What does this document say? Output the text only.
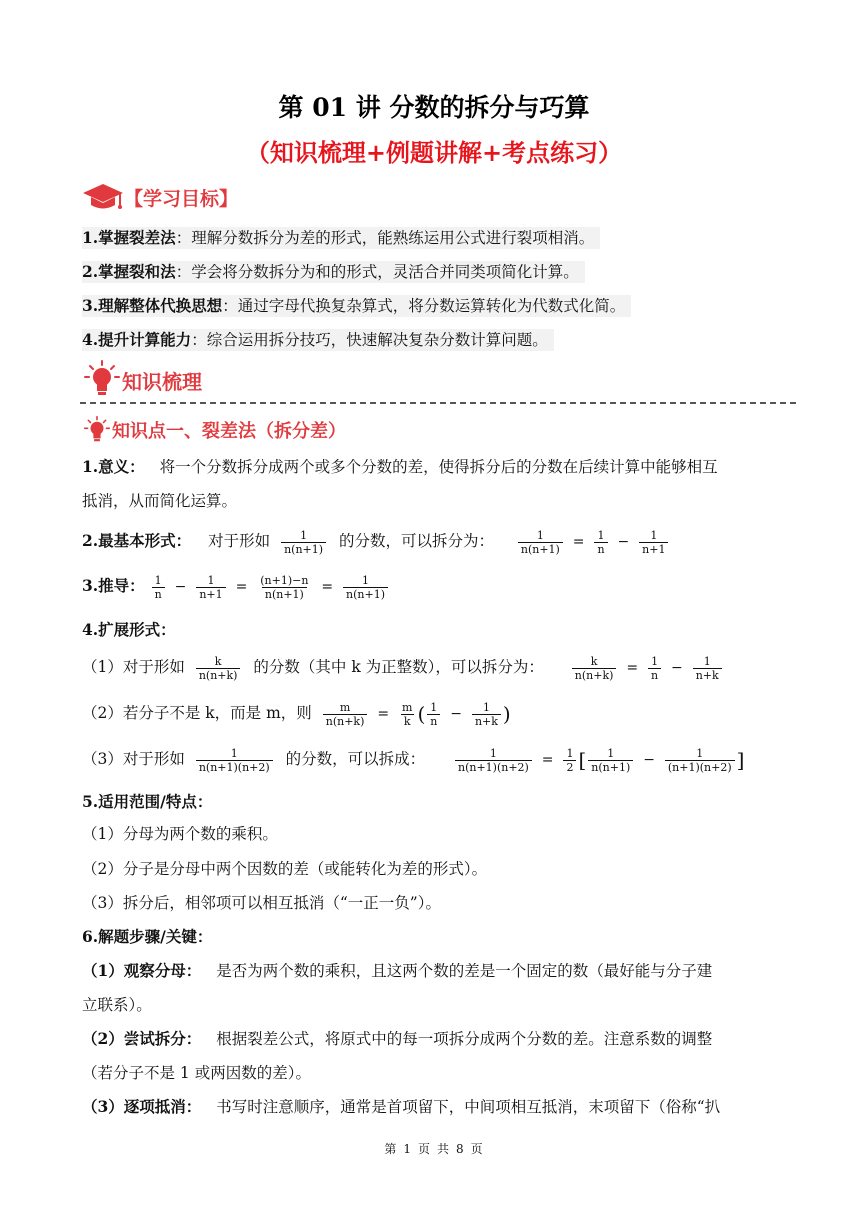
第 01 讲 分数的拆分与巧算
（知识梳理+例题讲解+考点练习）
【学习目标】
1.掌握裂差法：理解分数拆分为差的形式，能熟练运用公式进行裂项相消。
2.掌握裂和法：学会将分数拆分为和的形式，灵活合并同类项简化计算。
3.理解整体代换思想：通过字母代换复杂算式，将分数运算转化为代数式化简。
4.提升计算能力：综合运用拆分技巧，快速解决复杂分数计算问题。
知识梳理
知识点一、裂差法（拆分差）
1.意义： 将一个分数拆分成两个或多个分数的差，使得拆分后的分数在后续计算中能够相互
抵消，从而简化运算。
2.最基本形式： 对于形如 $\frac{1}{n(n+1)}$ 的分数，可以拆分为： $\frac{1}{n(n+1)} = \frac{1}{n} - \frac{1}{n+1}$
3.推导： $\frac{1}{n} - \frac{1}{n+1} = \frac{(n+1)-n}{n(n+1)} = \frac{1}{n(n+1)}$
4.扩展形式：
（1）对于形如 $\frac{k}{n(n+k)}$ 的分数（其中 k 为正整数），可以拆分为：	$\frac{k}{n(n+k)} = \frac{1}{n} - \frac{1}{n+k}$
（2）若分子不是 k，而是 m，则 $\frac{m}{n(n+k)} = \frac{m}{k}$ ( $\frac{1}{n} - \frac{1}{n+k}$ )
（3）对于形如 $\frac{1}{n(n+1)(n+2)}$ 的分数，可以拆成：	$\frac{1}{n(n+1)(n+2)} = \frac{1}{2}$ [ $\frac{1}{n(n+1)} - \frac{1}{(n+1)(n+2)}$ ]
5.适用范围/特点：
（1）分母为两个数的乘积。
（2）分子是分母中两个因数的差（或能转化为差的形式）。
（3）拆分后，相邻项可以相互抵消（“一正一负”）。
6.解题步骤/关键：
（1）观察分母： 是否为两个数的乘积，且这两个数的差是一个固定的数（最好能与分子建
立联系）。
（2）尝试拆分： 根据裂差公式，将原式中的每一项拆分成两个分数的差。注意系数的调整
（若分子不是 1 或两因数的差）。
（3）逐项抵消： 书写时注意顺序，通常是首项留下，中间项相互抵消，末项留下（俗称“扒
第 1 页 共 8 页
